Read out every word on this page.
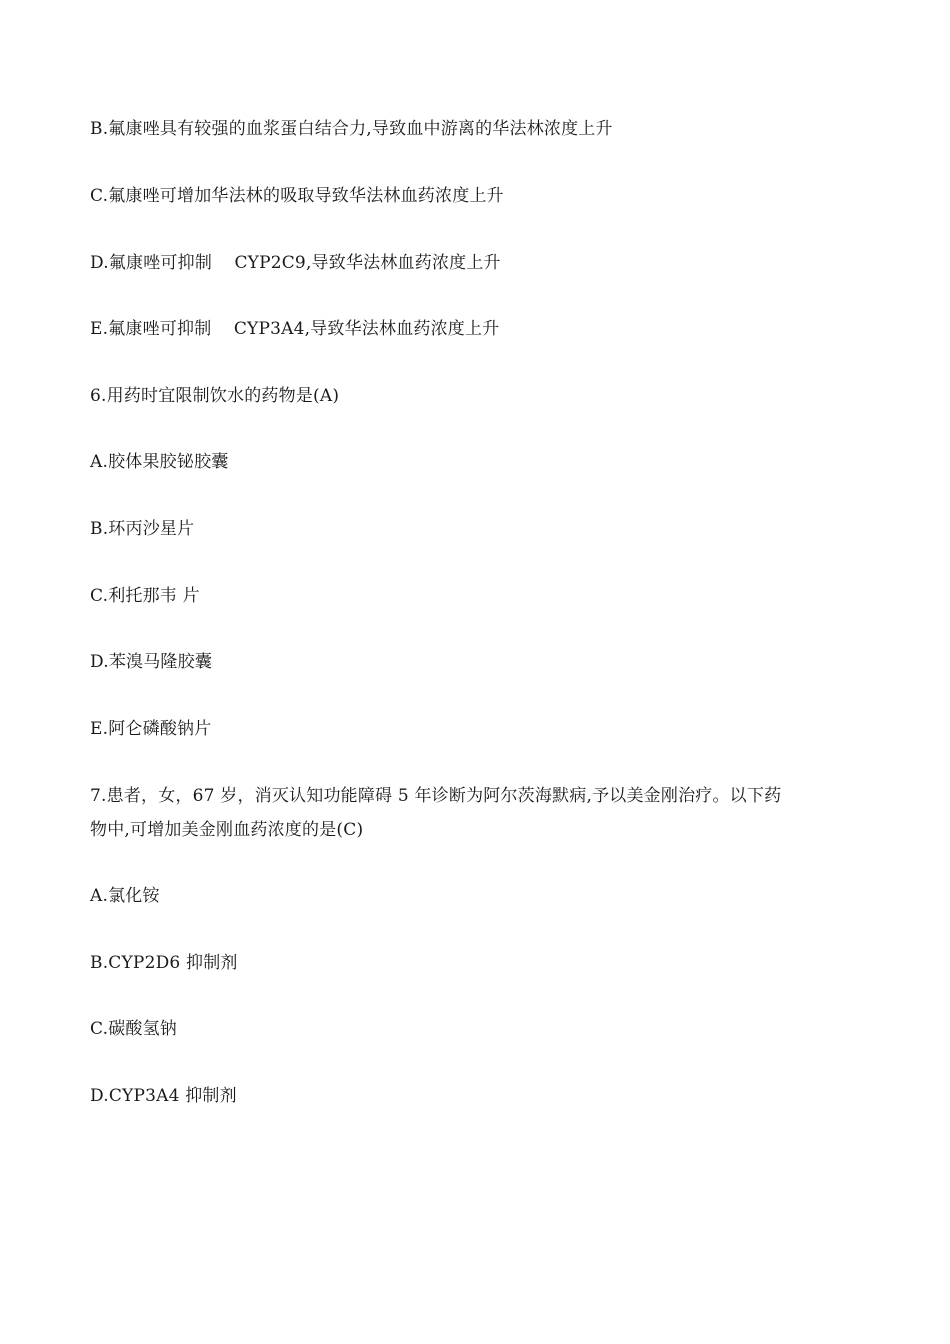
B.氟康唑具有较强的血浆蛋白结合力,导致血中游离的华法林浓度上升
C.氟康唑可增加华法林的吸取导致华法林血药浓度上升
D.氟康唑可抑制    CYP2C9,导致华法林血药浓度上升
E.氟康唑可抑制    CYP3A4,导致华法林血药浓度上升
6.用药时宜限制饮水的药物是(A)
A.胶体果胶铋胶囊
B.环丙沙星片
C.利托那韦 片
D.苯溴马隆胶囊
E.阿仑磷酸钠片
7.患者，女，67 岁，消灭认知功能障碍 5 年诊断为阿尔茨海默病,予以美金刚治疗。以下药
物中,可增加美金刚血药浓度的是(C)
A.氯化铵
B.CYP2D6 抑制剂
C.碳酸氢钠
D.CYP3A4 抑制剂
